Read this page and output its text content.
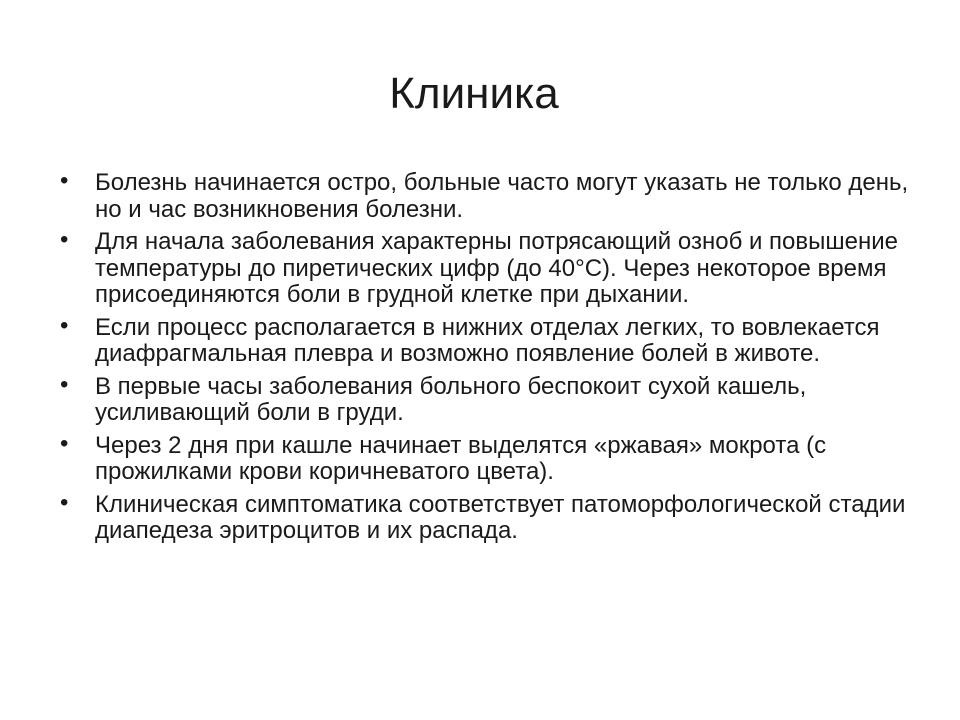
Клиника
• Болезнь начинается остро, больные часто могут указать не только день, но и час возникновения болезни.
• Для начала заболевания характерны потрясающий озноб и повышение температуры до пиретических цифр (до 40°С). Через некоторое время присоединяются боли в грудной клетке при дыхании.
• Если процесс располагается в нижних отделах легких, то вовлекается диафрагмальная плевра и возможно появление болей в животе.
• В первые часы заболевания больного беспокоит сухой кашель, усиливающий боли в груди.
• Через 2 дня при кашле начинает выделятся «ржавая» мокрота (с прожилками крови коричневатого цвета).
• Клиническая симптоматика соответствует патоморфологической стадии диапедеза эритроцитов и их распада.
